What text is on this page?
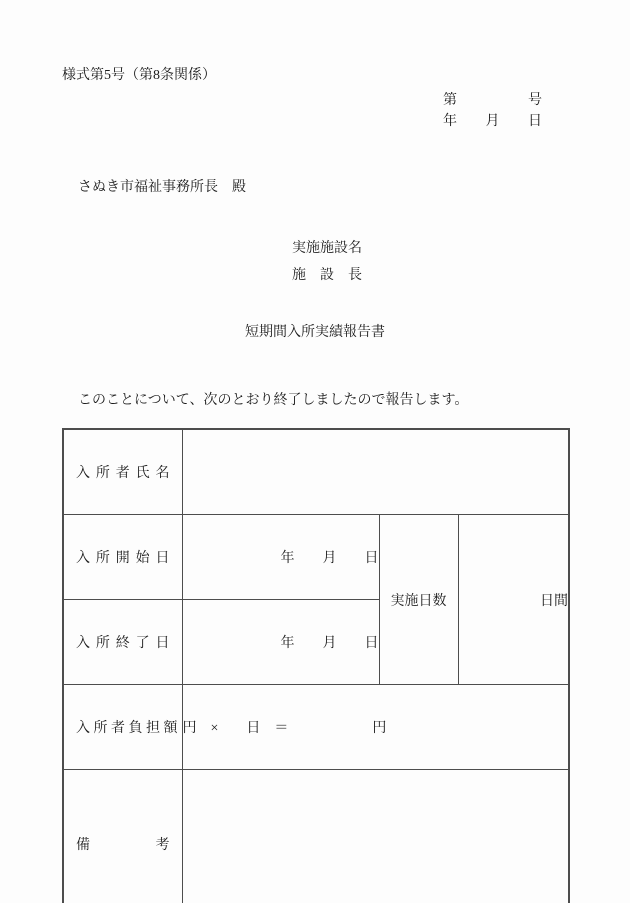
様式第5号（第8条関係）
第	号
年 月 日
さぬき市福祉事務所長　殿
実施施設名
施　設　長
短期間入所実績報告書
このことについて、次のとおり終了しましたので報告します。

入 所 者 氏 名			

入 所 開 始 日	年　　月　　日	実施日数	日間

入 所 終 了 日	年　　月　　日		

入 所 者 負 担 額	円　×　　日　＝　　　　　　円		

備 考			
